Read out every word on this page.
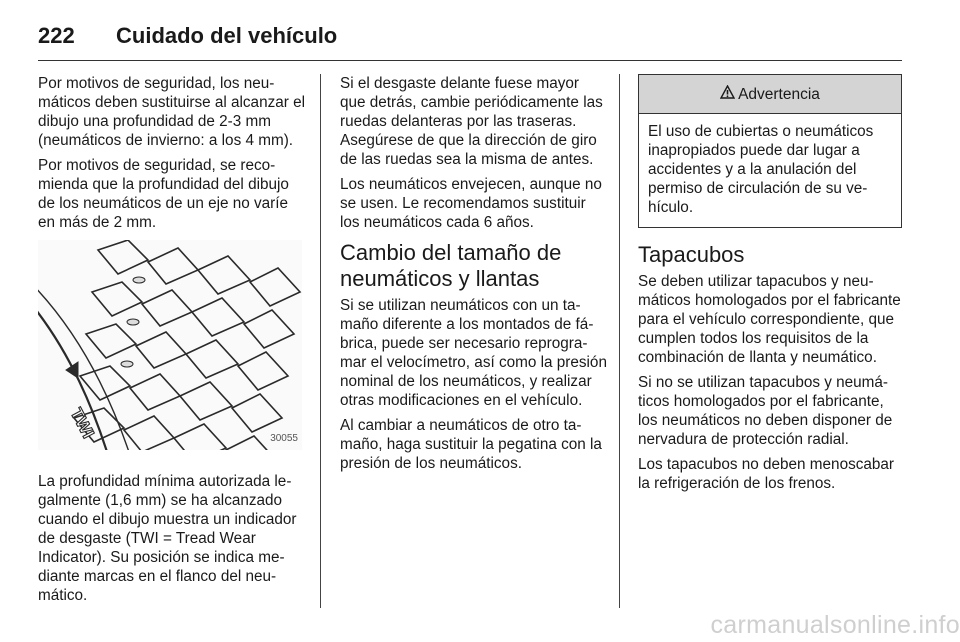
222	Cuidado del vehículo

Por motivos de seguridad, los neumáticos deben sustituirse al alcanzar el dibujo una profundidad de 2-3 mm (neumáticos de invierno: a los 4 mm).

Por motivos de seguridad, se recomienda que la profundidad del dibujo de los neumáticos de un eje no varíe en más de 2 mm.

TWI	30055

La profundidad mínima autorizada legalmente (1,6 mm) se ha alcanzado cuando el dibujo muestra un indicador de desgaste (TWI = Tread Wear Indicator). Su posición se indica mediante marcas en el flanco del neumático.

Si el desgaste delante fuese mayor que detrás, cambie periódicamente las ruedas delanteras por las traseras. Asegúrese de que la dirección de giro de las ruedas sea la misma de antes.

Los neumáticos envejecen, aunque no se usen. Le recomendamos sustituir los neumáticos cada 6 años.

Cambio del tamaño de neumáticos y llantas

Si se utilizan neumáticos con un tamaño diferente a los montados de fábrica, puede ser necesario reprogramar el velocímetro, así como la presión nominal de los neumáticos, y realizar otras modificaciones en el vehículo.

Al cambiar a neumáticos de otro tamaño, haga sustituir la pegatina con la presión de los neumáticos.

Advertencia
El uso de cubiertas o neumáticos inapropiados puede dar lugar a accidentes y a la anulación del permiso de circulación de su vehículo.
Tapacubos

Se deben utilizar tapacubos y neumáticos homologados por el fabricante para el vehículo correspondiente, que cumplen todos los requisitos de la combinación de llanta y neumático.

Si no se utilizan tapacubos y neumáticos homologados por el fabricante, los neumáticos no deben disponer de nervadura de protección radial.

Los tapacubos no deben menoscabar la refrigeración de los frenos.

carmanualsonline.info
